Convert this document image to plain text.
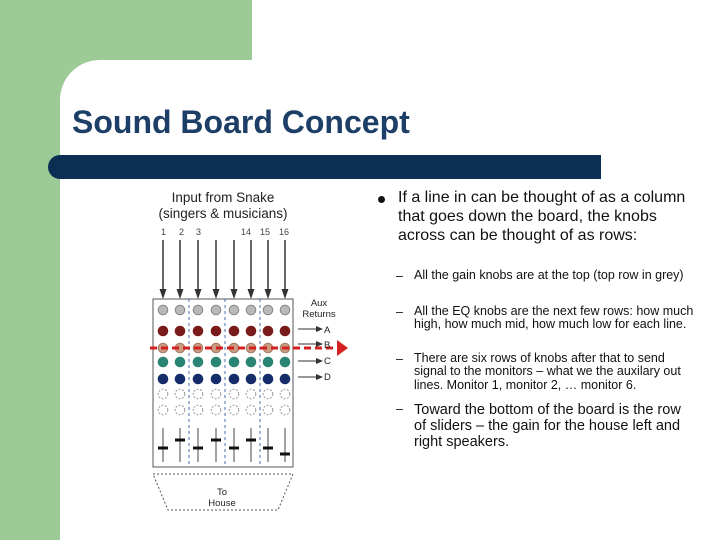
Sound Board Concept
Input from Snake
(singers & musicians)
1 2 3	14 15 16
Aux
Returns
A
B
C
D
To
House
If a line in can be thought of as a column that goes down the board, the knobs across can be thought of as rows:
– All the gain knobs are at the top (top row in grey)
– All the EQ knobs are the next few rows: how much high, how much mid, how much low for each line.
– There are six rows of knobs after that to send signal to the monitors – what we the auxilary out lines. Monitor 1, monitor 2, … monitor 6.
– Toward the bottom of the board is the row of sliders – the gain for the house left and right speakers.
